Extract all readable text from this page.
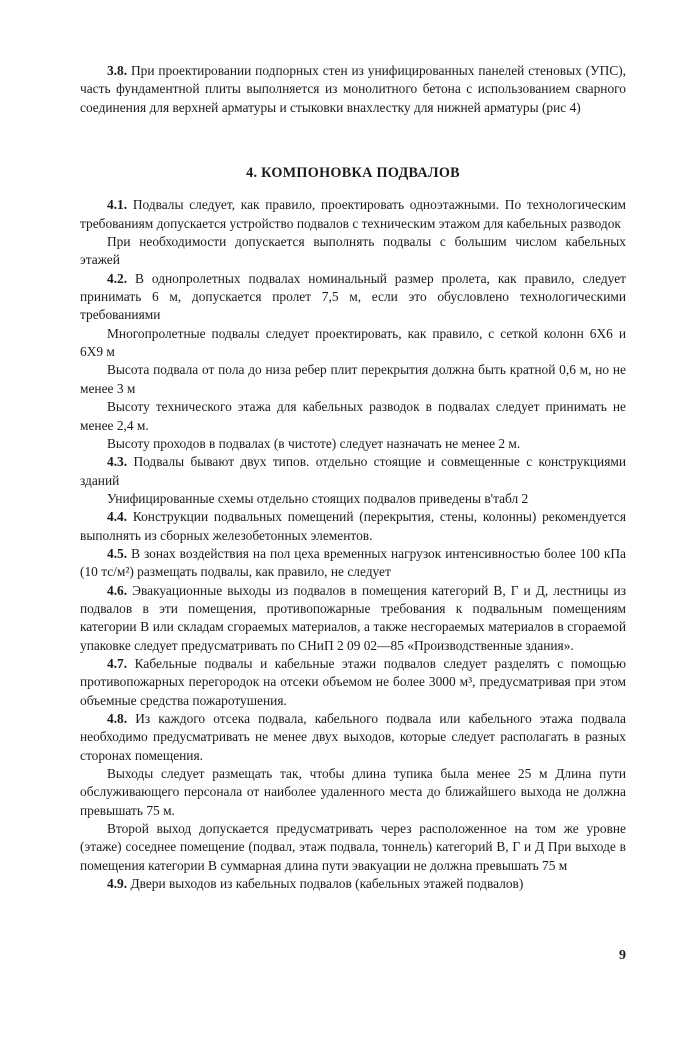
3.8. При проектировании подпорных стен из унифицированных панелей стеновых (УПС), часть фундаментной плиты выполняется из монолитного бетона с использованием сварного соединения для верхней арматуры и стыковки внахлестку для нижней арматуры (рис 4)

4. КОМПОНОВКА ПОДВАЛОВ

4.1. Подвалы следует, как правило, проектировать одноэтажными. По технологическим требованиям допускается устройство подвалов с техническим этажом для кабельных разводок

При необходимости допускается выполнять подвалы с большим числом кабельных этажей

4.2. В однопролетных подвалах номинальный размер пролета, как правило, следует принимать 6 м, допускается пролет 7,5 м, если это обусловлено технологическими требованиями

Многопролетные подвалы следует проектировать, как правило, с сеткой колонн 6Х6 и 6Х9 м

Высота подвала от пола до низа ребер плит перекрытия должна быть кратной 0,6 м, но не менее 3 м

Высоту технического этажа для кабельных разводок в подвалах следует принимать не менее 2,4 м.

Высоту проходов в подвалах (в чистоте) следует назначать не менее 2 м.

4.3. Подвалы бывают двух типов. отдельно стоящие и совмещенные с конструкциями зданий

Унифицированные схемы отдельно стоящих подвалов приведены в'табл 2

4.4. Конструкции подвальных помещений (перекрытия, стены, колонны) рекомендуется выполнять из сборных железобетонных элементов.

4.5. В зонах воздействия на пол цеха временных нагрузок интенсивностью более 100 кПа (10 тс/м²) размещать подвалы, как правило, не следует

4.6. Эвакуационные выходы из подвалов в помещения категорий В, Г и Д, лестницы из подвалов в эти помещения, противопожарные требования к подвальным помещениям категории В или складам сгораемых материалов, а также несгораемых материалов в сгораемой упаковке следует предусматривать по СНиП 2 09 02—85 «Производственные здания».

4.7. Кабельные подвалы и кабельные этажи подвалов следует разделять с помощью противопожарных перегородок на отсеки объемом не более 3000 м³, предусматривая при этом объемные средства пожаротушения.

4.8. Из каждого отсека подвала, кабельного подвала или кабельного этажа подвала необходимо предусматривать не менее двух выходов, которые следует располагать в разных сторонах помещения.

Выходы следует размещать так, чтобы длина тупика была менее 25 м Длина пути обслуживающего персонала от наиболее удаленного места до ближайшего выхода не должна превышать 75 м.

Второй выход допускается предусматривать через расположенное на том же уровне (этаже) соседнее помещение (подвал, этаж подвала, тоннель) категорий В, Г и Д При выходе в помещения категории В суммарная длина пути эвакуации не должна превышать 75 м

4.9. Двери выходов из кабельных подвалов (кабельных этажей подвалов)

9
